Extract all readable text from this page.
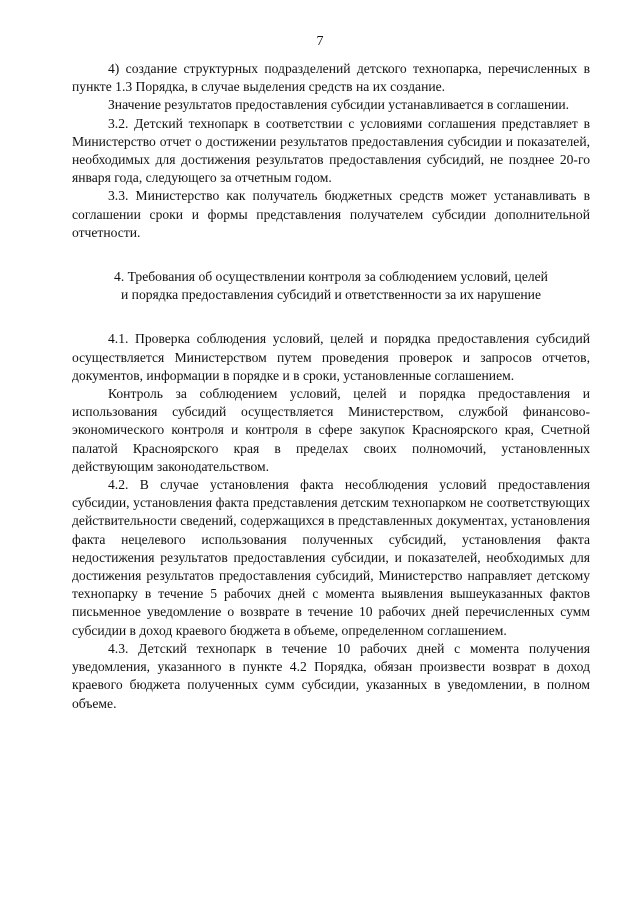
7

4) создание структурных подразделений детского технопарка, перечисленных в пункте 1.3 Порядка, в случае выделения средств на их создание.

Значение результатов предоставления субсидии устанавливается в соглашении.

3.2. Детский технопарк в соответствии с условиями соглашения представляет в Министерство отчет о достижении результатов предоставления субсидии и показателей, необходимых для достижения результатов предоставления субсидий, не позднее 20-го января года, следующего за отчетным годом.

3.3. Министерство как получатель бюджетных средств может устанавливать в соглашении сроки и формы представления получателем субсидии дополнительной отчетности.

4. Требования об осуществлении контроля за соблюдением условий, целей
и порядка предоставления субсидий и ответственности за их нарушение

4.1. Проверка соблюдения условий, целей и порядка предоставления субсидий осуществляется Министерством путем проведения проверок и запросов отчетов, документов, информации в порядке и в сроки, установленные соглашением.

Контроль за соблюдением условий, целей и порядка предоставления и использования субсидий осуществляется Министерством, службой финансово-экономического контроля и контроля в сфере закупок Красноярского края, Счетной палатой Красноярского края в пределах своих полномочий, установленных действующим законодательством.

4.2. В случае установления факта несоблюдения условий предоставления субсидии, установления факта представления детским технопарком не соответствующих действительности сведений, содержащихся в представленных документах, установления факта нецелевого использования полученных субсидий, установления факта недостижения результатов предоставления субсидии, и показателей, необходимых для достижения результатов предоставления субсидий, Министерство направляет детскому технопарку в течение 5 рабочих дней с момента выявления вышеуказанных фактов письменное уведомление о возврате в течение 10 рабочих дней перечисленных сумм субсидии в доход краевого бюджета в объеме, определенном соглашением.

4.3. Детский технопарк в течение 10 рабочих дней с момента получения уведомления, указанного в пункте 4.2 Порядка, обязан произвести возврат в доход краевого бюджета полученных сумм субсидии, указанных в уведомлении, в полном объеме.
